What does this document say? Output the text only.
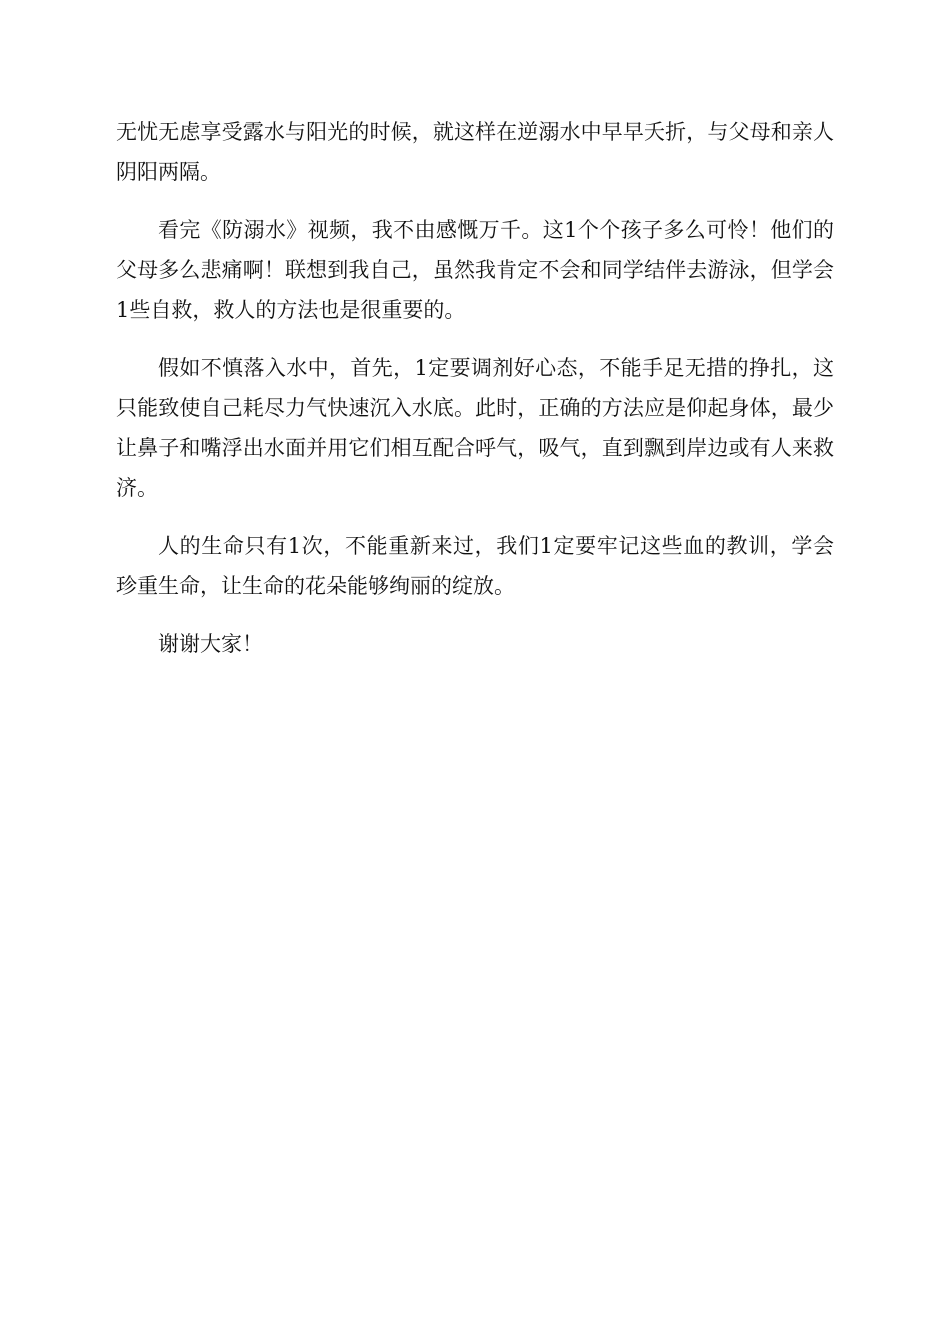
无忧无虑享受露水与阳光的时候，就这样在逆溺水中早早夭折，与父母和亲人阴阳两隔。

看完《防溺水》视频，我不由感慨万千。这1个个孩子多么可怜！他们的父母多么悲痛啊！联想到我自己，虽然我肯定不会和同学结伴去游泳，但学会1些自救，救人的方法也是很重要的。

假如不慎落入水中，首先，1定要调剂好心态，不能手足无措的挣扎，这只能致使自己耗尽力气快速沉入水底。此时，正确的方法应是仰起身体，最少让鼻子和嘴浮出水面并用它们相互配合呼气，吸气，直到飘到岸边或有人来救济。

人的生命只有1次，不能重新来过，我们1定要牢记这些血的教训，学会珍重生命，让生命的花朵能够绚丽的绽放。

谢谢大家！
